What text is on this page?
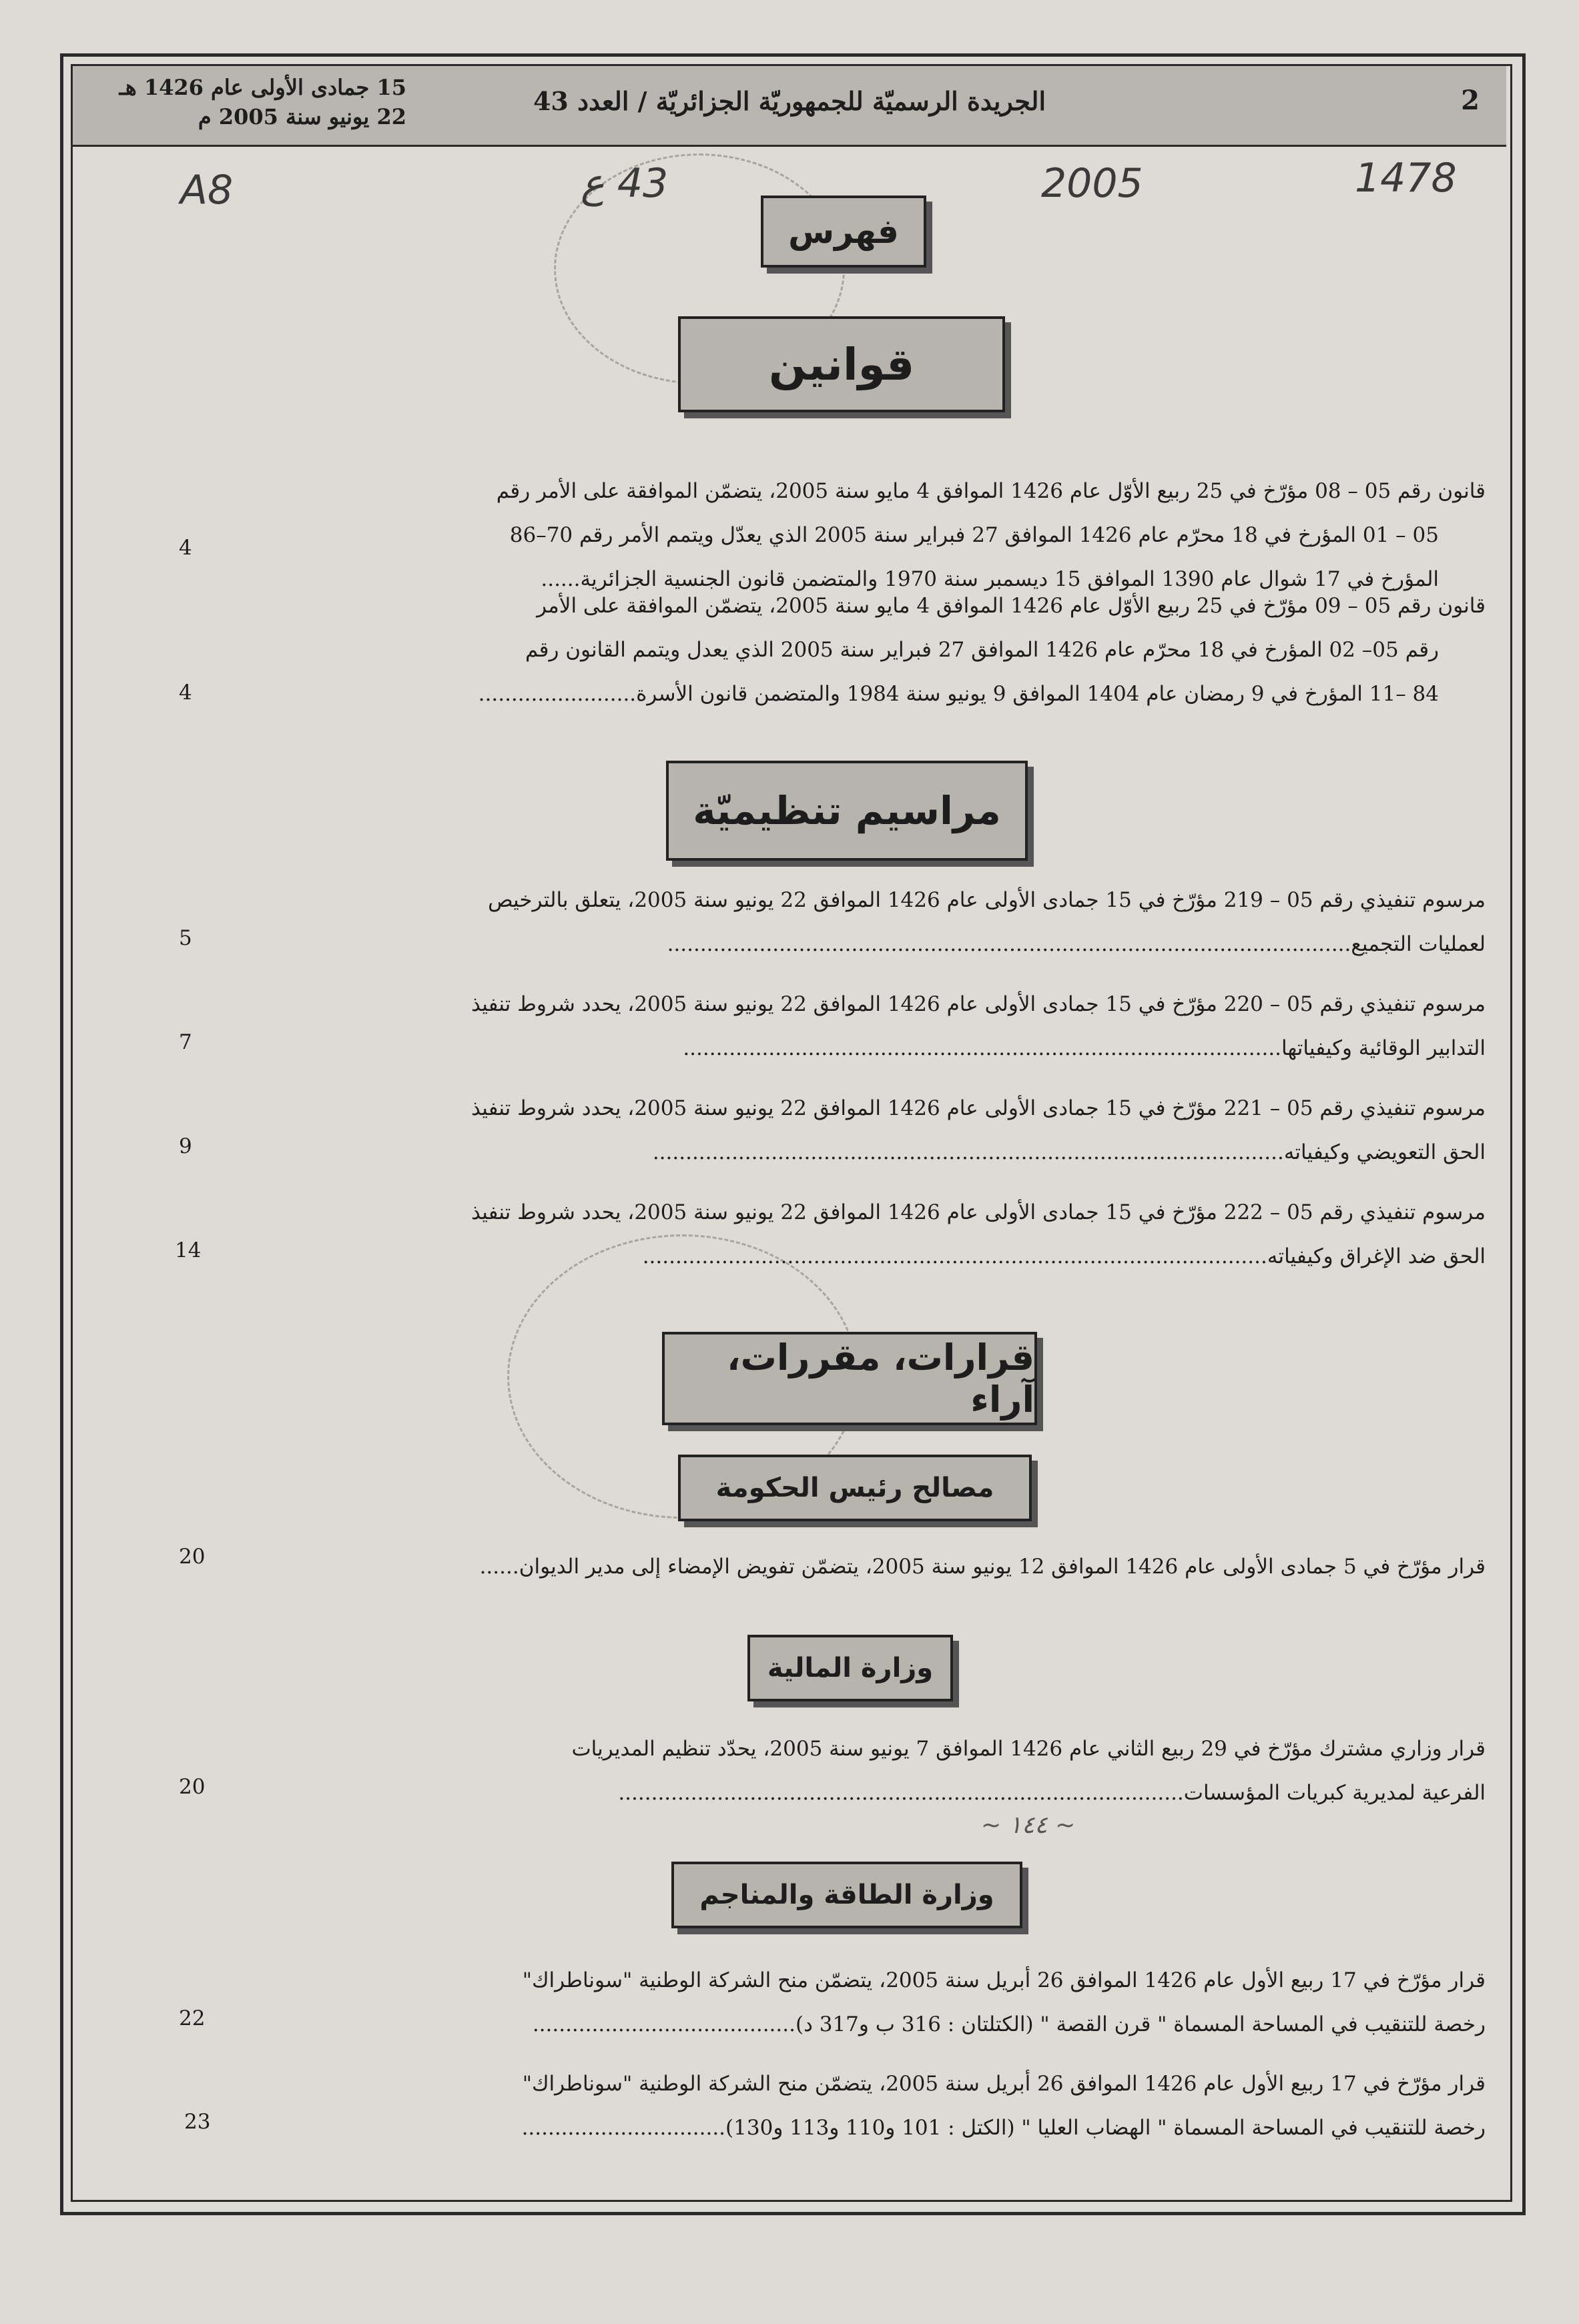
2
الجريدة الرسميّة للجمهوريّة الجزائريّة / العدد 43
15 جمادى الأولى عام 1426 هـ
22 يونيو سنة 2005 م
1478
2005
43 ع
A8
فهرس
قوانين
قانون رقم 05 – 08 مؤرّخ في 25 ربيع الأوّل عام 1426 الموافق 4 مايو سنة 2005، يتضمّن الموافقة على الأمر رقم
05 – 01 المؤرخ في 18 محرّم عام 1426 الموافق 27 فبراير سنة 2005 الذي يعدّل ويتمم الأمر رقم 70–86
المؤرخ في 17 شوال عام 1390 الموافق 15 ديسمبر سنة 1970 والمتضمن قانون الجنسية الجزائرية......
4
قانون رقم 05 – 09 مؤرّخ في 25 ربيع الأوّل عام 1426 الموافق 4 مايو سنة 2005، يتضمّن الموافقة على الأمر
رقم 05– 02 المؤرخ في 18 محرّم عام 1426 الموافق 27 فبراير سنة 2005 الذي يعدل ويتمم القانون رقم
84 –11 المؤرخ في 9 رمضان عام 1404 الموافق 9 يونيو سنة 1984 والمتضمن قانون الأسرة........................
4
مراسيم تنظيميّة
مرسوم تنفيذي رقم 05 – 219 مؤرّخ في 15 جمادى الأولى عام 1426 الموافق 22 يونيو سنة 2005، يتعلق بالترخيص
لعمليات التجميع........................................................................................................
5
مرسوم تنفيذي رقم 05 – 220 مؤرّخ في 15 جمادى الأولى عام 1426 الموافق 22 يونيو سنة 2005، يحدد شروط تنفيذ
التدابير الوقائية وكيفياتها...........................................................................................
7
مرسوم تنفيذي رقم 05 – 221 مؤرّخ في 15 جمادى الأولى عام 1426 الموافق 22 يونيو سنة 2005، يحدد شروط تنفيذ
الحق التعويضي وكيفياته................................................................................................
9
مرسوم تنفيذي رقم 05 – 222 مؤرّخ في 15 جمادى الأولى عام 1426 الموافق 22 يونيو سنة 2005، يحدد شروط تنفيذ
الحق ضد الإغراق وكيفياته...............................................................................................
14
قرارات، مقررات، آراء
مصالح رئيس الحكومة
قرار مؤرّخ في 5 جمادى الأولى عام 1426 الموافق 12 يونيو سنة 2005، يتضمّن تفويض الإمضاء إلى مدير الديوان......
20
وزارة المالية
قرار وزاري مشترك مؤرّخ في 29 ربيع الثاني عام 1426 الموافق 7 يونيو سنة 2005، يحدّد تنظيم المديريات
الفرعية لمديرية كبريات المؤسسات......................................................................................
20
~ ١٤٤ ~
وزارة الطاقة والمناجم
قرار مؤرّخ في 17 ربيع الأول عام 1426 الموافق 26 أبريل سنة 2005، يتضمّن منح الشركة الوطنية "سوناطراك"
رخصة للتنقيب في المساحة المسماة " قرن القصة " (الكتلتان : 316 ب و317 د)........................................
22
قرار مؤرّخ في 17 ربيع الأول عام 1426 الموافق 26 أبريل سنة 2005، يتضمّن منح الشركة الوطنية "سوناطراك"
رخصة للتنقيب في المساحة المسماة " الهضاب العليا " (الكتل : 101 و110 و113 و130)...............................
23
